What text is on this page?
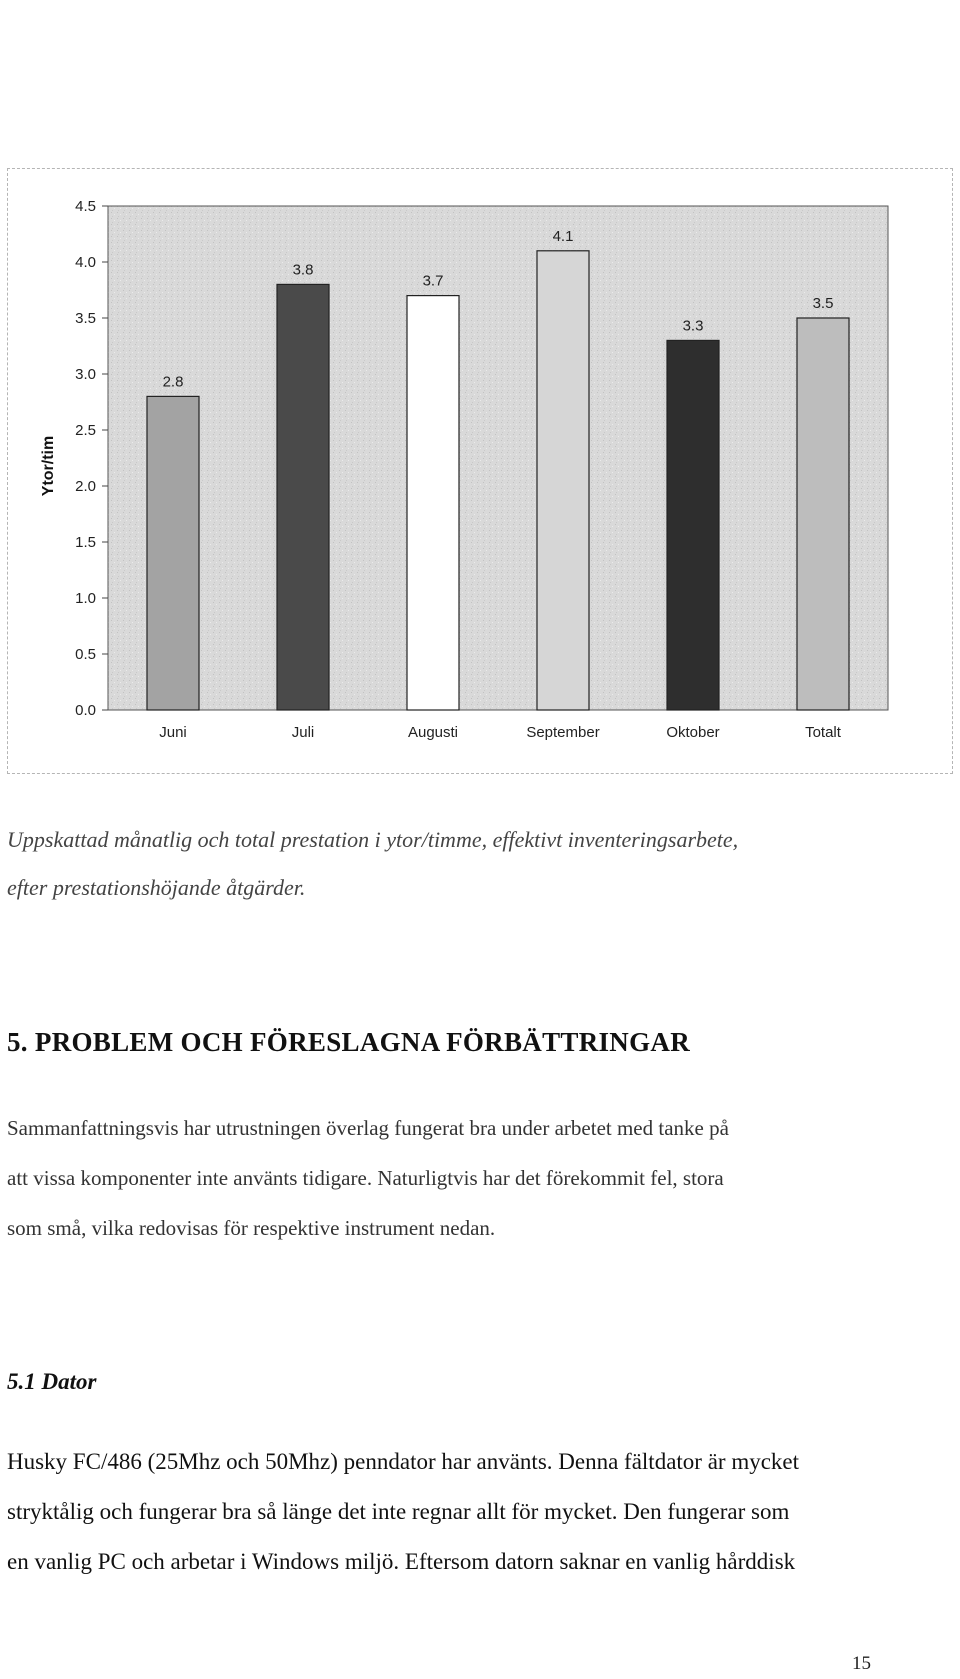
0.0
0.5
1.0
1.5
2.0
2.5
3.0
3.5
4.0
4.5
2.8
3.8
3.7
4.1
3.3
3.5
Juni	Juli	Augusti	September	Oktober	Totalt
Ytor/tim
Uppskattad månatlig och total prestation i ytor/timme, effektivt inventeringsarbete,
efter prestationshöjande åtgärder.
5. PROBLEM OCH FÖRESLAGNA FÖRBÄTTRINGAR
Sammanfattningsvis har utrustningen överlag fungerat bra under arbetet med tanke på
att vissa komponenter inte använts tidigare. Naturligtvis har det förekommit fel, stora
som små, vilka redovisas för respektive instrument nedan.
5.1 Dator
Husky FC/486 (25Mhz och 50Mhz) penndator har använts. Denna fältdator är mycket
stryktålig och fungerar bra så länge det inte regnar allt för mycket. Den fungerar som
en vanlig PC och arbetar i Windows miljö. Eftersom datorn saknar en vanlig hårddisk
15
